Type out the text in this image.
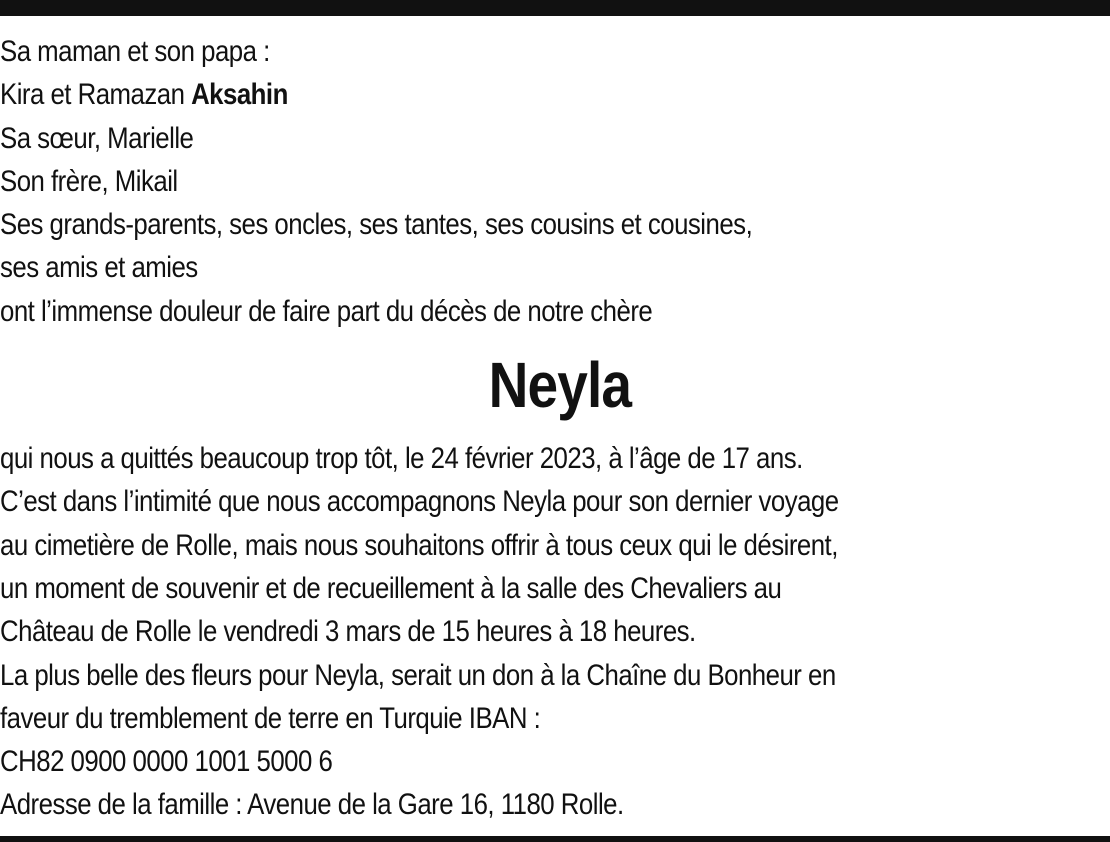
Sa maman et son papa :
Kira et Ramazan Aksahin
Sa sœur, Marielle
Son frère, Mikail
Ses grands-parents, ses oncles, ses tantes, ses cousins et cousines,
ses amis et amies
ont l’immense douleur de faire part du décès de notre chère
Neyla
qui nous a quittés beaucoup trop tôt, le 24 février 2023, à l’âge de 17 ans.
C’est dans l’intimité que nous accompagnons Neyla pour son dernier voyage
au cimetière de Rolle, mais nous souhaitons offrir à tous ceux qui le désirent,
un moment de souvenir et de recueillement à la salle des Chevaliers au
Château de Rolle le vendredi 3 mars de 15 heures à 18 heures.
La plus belle des fleurs pour Neyla, serait un don à la Chaîne du Bonheur en
faveur du tremblement de terre en Turquie IBAN :
CH82 0900 0000 1001 5000 6
Adresse de la famille : Avenue de la Gare 16, 1180 Rolle.
